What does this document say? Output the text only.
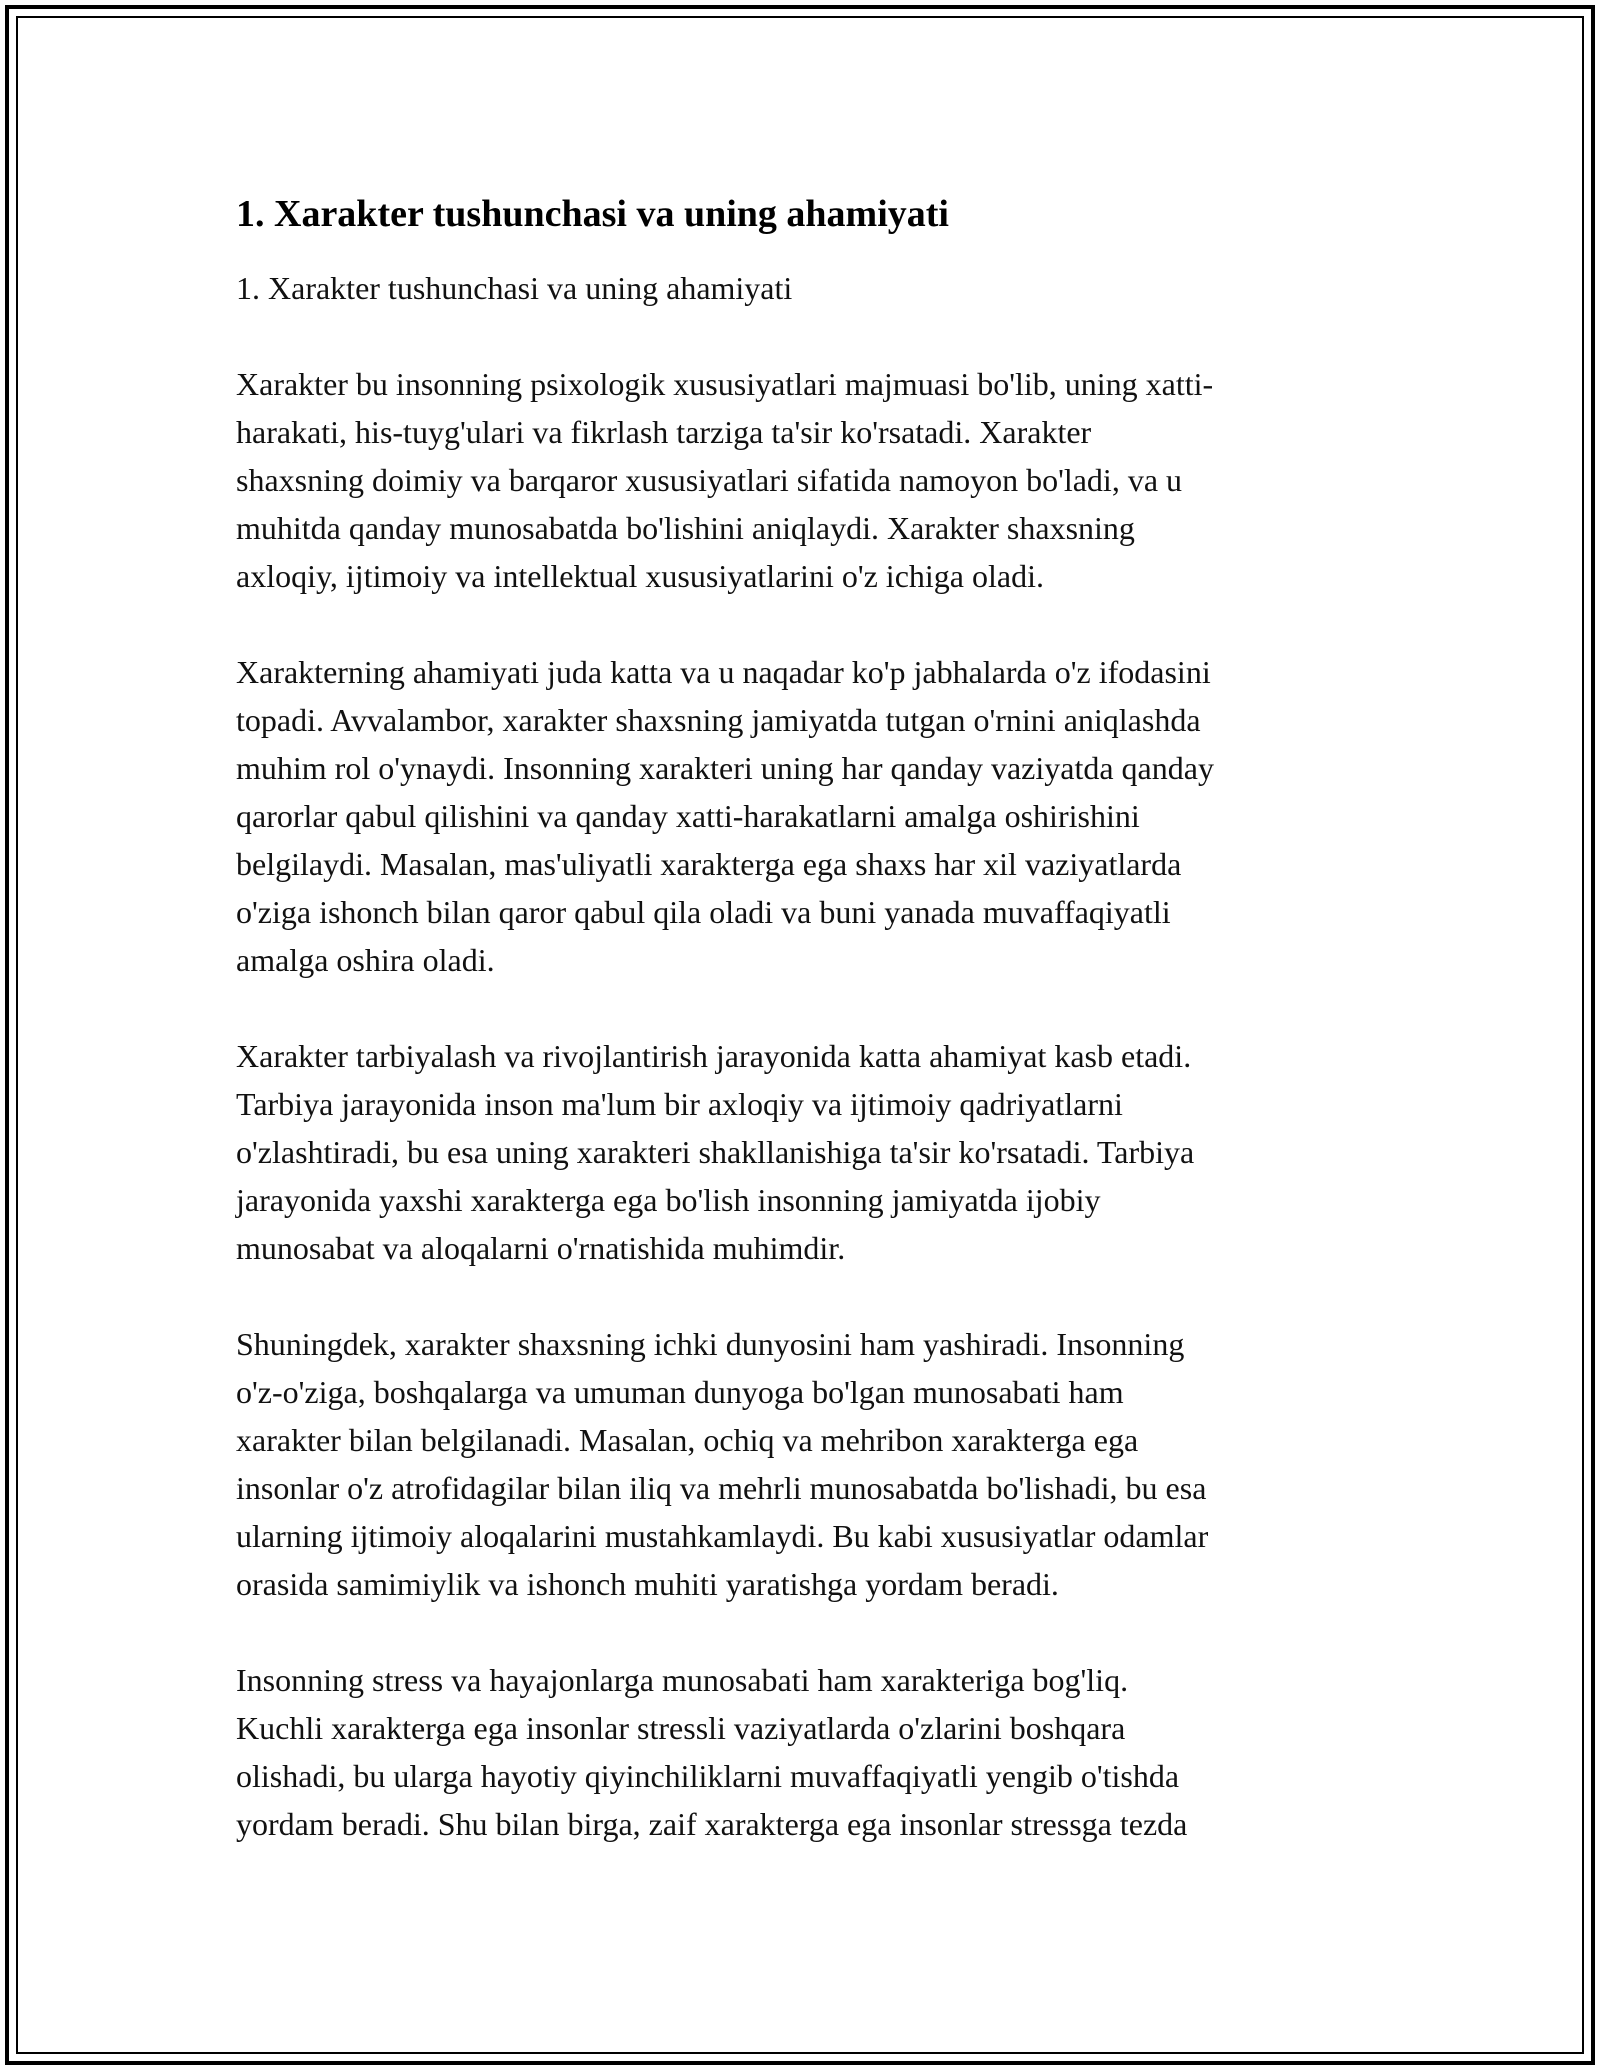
1. Xarakter tushunchasi va uning ahamiyati

1. Xarakter tushunchasi va uning ahamiyati

Xarakter bu insonning psixologik xususiyatlari majmuasi bo'lib, uning xatti-
harakati, his-tuyg'ulari va fikrlash tarziga ta'sir ko'rsatadi. Xarakter
shaxsning doimiy va barqaror xususiyatlari sifatida namoyon bo'ladi, va u
muhitda qanday munosabatda bo'lishini aniqlaydi. Xarakter shaxsning
axloqiy, ijtimoiy va intellektual xususiyatlarini o'z ichiga oladi.

Xarakterning ahamiyati juda katta va u naqadar ko'p jabhalarda o'z ifodasini
topadi. Avvalambor, xarakter shaxsning jamiyatda tutgan o'rnini aniqlashda
muhim rol o'ynaydi. Insonning xarakteri uning har qanday vaziyatda qanday
qarorlar qabul qilishini va qanday xatti-harakatlarni amalga oshirishini
belgilaydi. Masalan, mas'uliyatli xarakterga ega shaxs har xil vaziyatlarda
o'ziga ishonch bilan qaror qabul qila oladi va buni yanada muvaffaqiyatli
amalga oshira oladi.

Xarakter tarbiyalash va rivojlantirish jarayonida katta ahamiyat kasb etadi.
Tarbiya jarayonida inson ma'lum bir axloqiy va ijtimoiy qadriyatlarni
o'zlashtiradi, bu esa uning xarakteri shakllanishiga ta'sir ko'rsatadi. Tarbiya
jarayonida yaxshi xarakterga ega bo'lish insonning jamiyatda ijobiy
munosabat va aloqalarni o'rnatishida muhimdir.

Shuningdek, xarakter shaxsning ichki dunyosini ham yashiradi. Insonning
o'z-o'ziga, boshqalarga va umuman dunyoga bo'lgan munosabati ham
xarakter bilan belgilanadi. Masalan, ochiq va mehribon xarakterga ega
insonlar o'z atrofidagilar bilan iliq va mehrli munosabatda bo'lishadi, bu esa
ularning ijtimoiy aloqalarini mustahkamlaydi. Bu kabi xususiyatlar odamlar
orasida samimiylik va ishonch muhiti yaratishga yordam beradi.

Insonning stress va hayajonlarga munosabati ham xarakteriga bog'liq.
Kuchli xarakterga ega insonlar stressli vaziyatlarda o'zlarini boshqara
olishadi, bu ularga hayotiy qiyinchiliklarni muvaffaqiyatli yengib o'tishda
yordam beradi. Shu bilan birga, zaif xarakterga ega insonlar stressga tezda
